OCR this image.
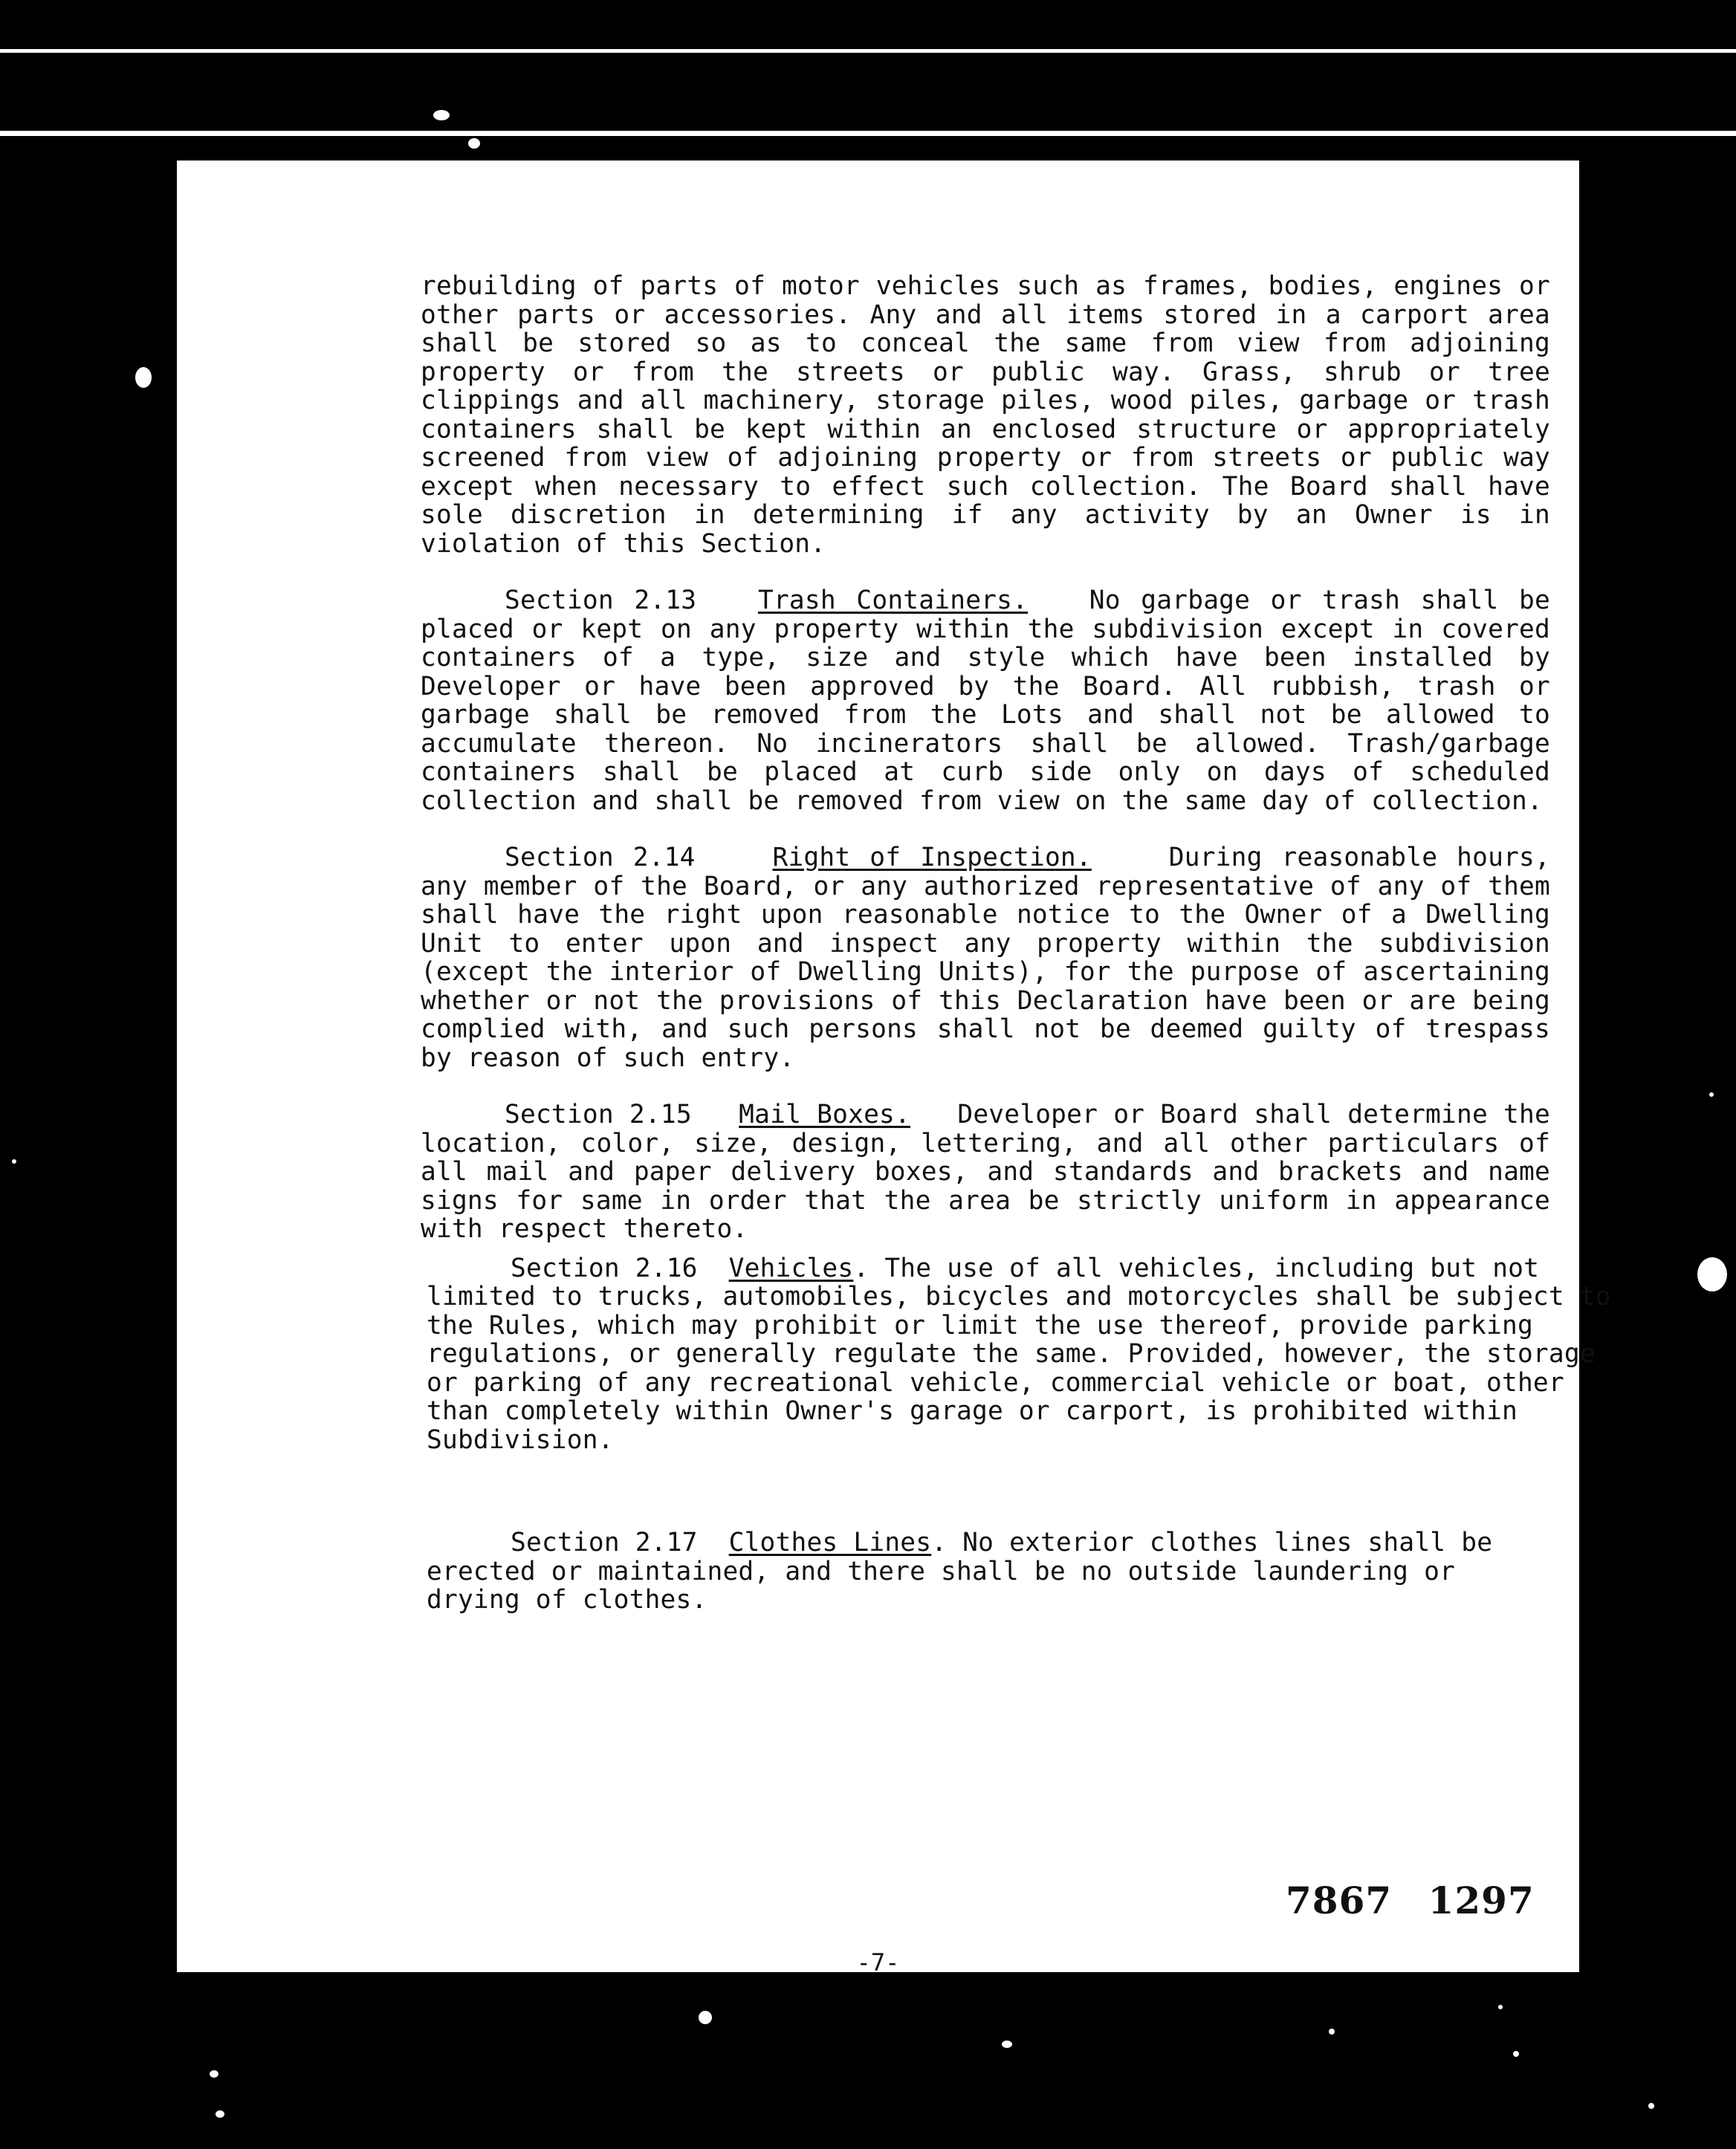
rebuilding of parts of motor vehicles such as frames, bodies, engines or other parts or accessories. Any and all items stored in a carport area shall be stored so as to conceal the same from view from adjoining property or from the streets or public way. Grass, shrub or tree clippings and all machinery, storage piles, wood piles, garbage or trash containers shall be kept within an enclosed structure or appropriately screened from view of adjoining property or from streets or public way except when necessary to effect such collection. The Board shall have sole discretion in determining if any activity by an Owner is in violation of this Section.

Section 2.13 Trash Containers. No garbage or trash shall be placed or kept on any property within the subdivision except in covered containers of a type, size and style which have been installed by Developer or have been approved by the Board. All rubbish, trash or garbage shall be removed from the Lots and shall not be allowed to accumulate thereon. No incinerators shall be allowed. Trash/garbage containers shall be placed at curb side only on days of scheduled collection and shall be removed from view on the same day of collection.

Section 2.14	Right of Inspection.	During reasonable hours, any member of the Board, or any authorized representative of any of them shall have the right upon reasonable notice to the Owner of a Dwelling Unit to enter upon and inspect any property within the subdivision (except the interior of Dwelling Units), for the purpose of ascertaining whether or not the provisions of this Declaration have been or are being complied with, and such persons shall not be deemed guilty of trespass by reason of such entry.

Section 2.15 Mail Boxes. Developer or Board shall determine the location, color, size, design, lettering, and all other particulars of all mail and paper delivery boxes, and standards and brackets and name signs for same in order that the area be strictly uniform in appearance with respect thereto.

Section 2.16 Vehicles. The use of all vehicles, including but not limited to trucks, automobiles, bicycles and motorcycles shall be subject to the Rules, which may prohibit or limit the use thereof, provide parking regulations, or generally regulate the same. Provided, however, the storage or parking of any recreational vehicle, commercial vehicle or boat, other than completely within Owner's garage or carport, is prohibited within Subdivision.

Section 2.17 Clothes Lines. No exterior clothes lines shall be erected or maintained, and there shall be no outside laundering or drying of clothes.

7867 1297
-7-
